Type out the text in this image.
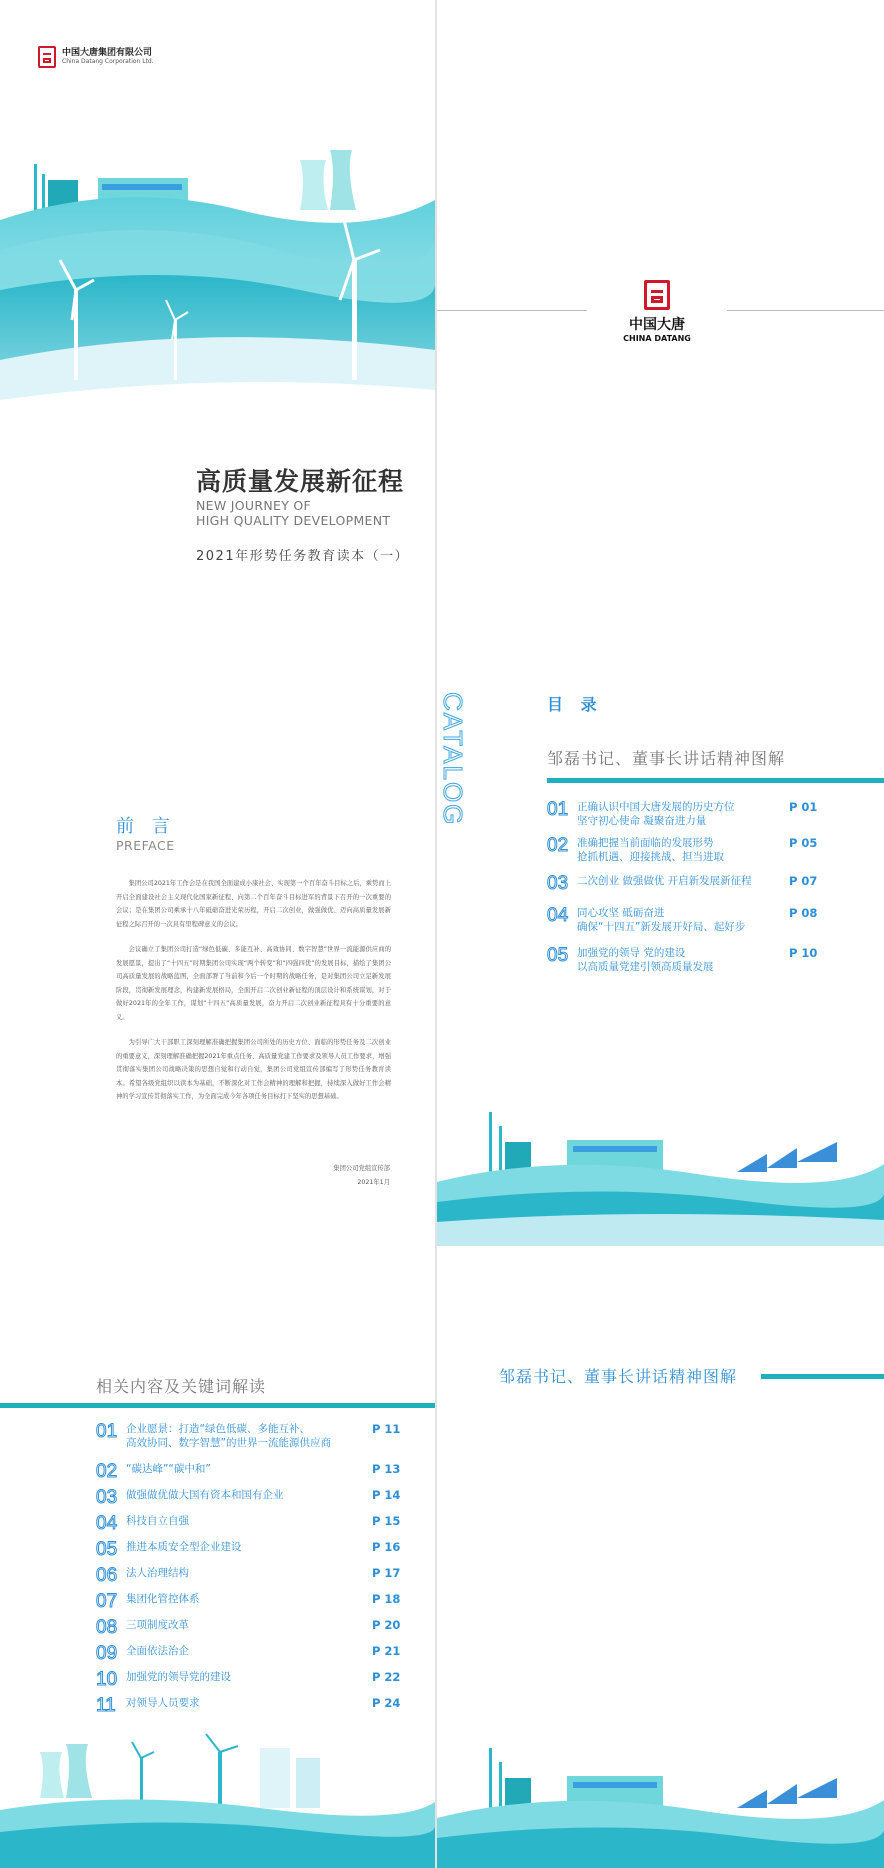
中国大唐集团有限公司
China Datang Corporation Ltd.
高质量发展新征程
NEW JOURNEY OF
HIGH QUALITY DEVELOPMENT
2021年形势任务教育读本（一）
中国大唐
CHINA DATANG
前 言
PREFACE

集团公司2021年工作会是在我国全面建成小康社会、实现第一个百年奋斗目标之后，乘势而上开启全面建设社会主义现代化国家新征程、向第二个百年奋斗目标进军的背景下召开的一次重要的会议；是在集团公司乘承十八年砥砺奋进光荣历程，开启二次创业，做强做优、迈向高质量发展新征程之际召开的一次具有里程碑意义的会议。

会议确立了集团公司打造“绿色低碳、多能互补、高效协同、数字智慧”世界一流能源供应商的发展愿景，提出了“十四五”时期集团公司实现“两个转变”和“四强四优”的发展目标，描绘了集团公司高质量发展的战略蓝图，全面部署了当前和今后一个时期的战略任务，是对集团公司立足新发展阶段，贯彻新发展理念，构建新发展格局，全面开启二次创业新征程的顶层设计和系统谋划，对于做好2021年的全年工作，谋划“十四五”高质量发展，奋力开启二次创业新征程具有十分重要的意义。

为引导广大干部职工深刻理解准确把握集团公司所处的历史方位、面临的形势任务及二次创业的重要意义，深刻理解准确把握2021年重点任务、高质量党建工作要求及领导人员工作要求，增强贯彻落实集团公司战略决策的思想自觉和行动自觉，集团公司党组宣传部编写了形势任务教育读本。希望各级党组织以读本为基础，不断深化对工作会精神的理解和把握，持续深入做好工作会精神的学习宣传贯彻落实工作，为全面完成今年各项任务目标打下坚实的思想基础。

集团公司党组宣传部
2021年1月
CATALOG	目 录
邹磊书记、董事长讲话精神图解
01 正确认识中国大唐发展的历史方位
坚守初心使命 凝聚奋进力量
P 01
02 准确把握当前面临的发展形势
抢抓机遇、迎接挑战、担当进取
P 05
03 二次创业 做强做优 开启新发展新征程	P 07
04 同心攻坚 砥砺奋进
确保“十四五”新发展开好局、起好步
P 08
05 加强党的领导 党的建设
以高质量党建引领高质量发展
P 10
相关内容及关键词解读
01 企业愿景：打造“绿色低碳、多能互补、
高效协同、数字智慧”的世界一流能源供应商
P 11
02 “碳达峰”“碳中和”	P 13
03 做强做优做大国有资本和国有企业	P 14
04 科技自立自强	P 15
05 推进本质安全型企业建设	P 16
06 法人治理结构	P 17
07 集团化管控体系	P 18
08 三项制度改革	P 20
09 全面依法治企	P 21
10 加强党的领导党的建设	P 22
11 对领导人员要求	P 24
邹磊书记、董事长讲话精神图解
